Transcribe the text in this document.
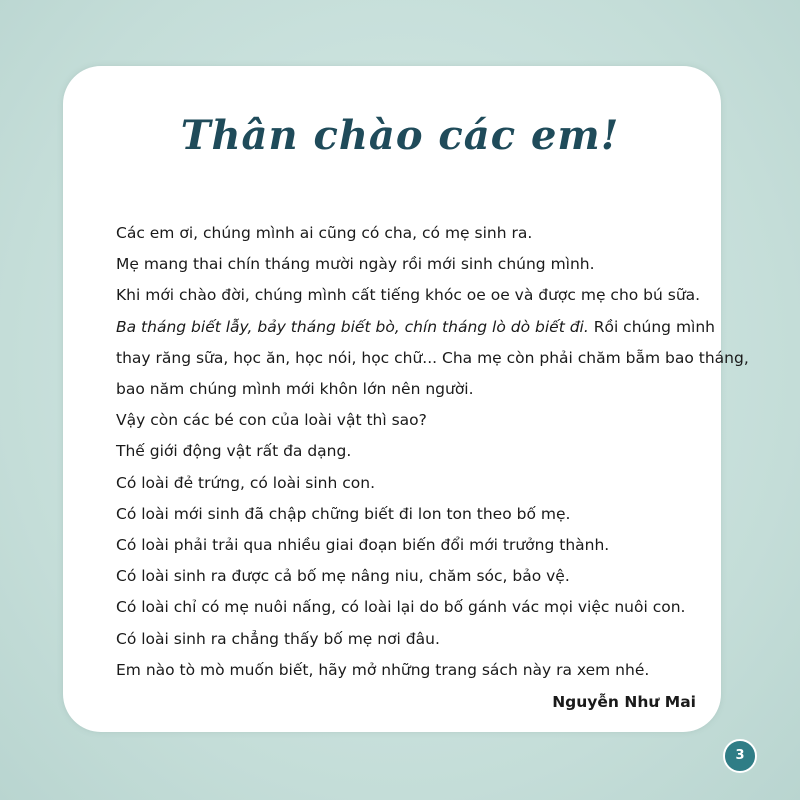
Thân chào các em!
Các em ơi, chúng mình ai cũng có cha, có mẹ sinh ra.
Mẹ mang thai chín tháng mười ngày rồi mới sinh chúng mình.
Khi mới chào đời, chúng mình cất tiếng khóc oe oe và được mẹ cho bú sữa.
Ba tháng biết lẫy, bảy tháng biết bò, chín tháng lò dò biết đi. Rồi chúng mình
thay răng sữa, học ăn, học nói, học chữ... Cha mẹ còn phải chăm bẵm bao tháng,
bao năm chúng mình mới khôn lớn nên người.
Vậy còn các bé con của loài vật thì sao?
Thế giới động vật rất đa dạng.
Có loài đẻ trứng, có loài sinh con.
Có loài mới sinh đã chập chững biết đi lon ton theo bố mẹ.
Có loài phải trải qua nhiều giai đoạn biến đổi mới trưởng thành.
Có loài sinh ra được cả bố mẹ nâng niu, chăm sóc, bảo vệ.
Có loài chỉ có mẹ nuôi nấng, có loài lại do bố gánh vác mọi việc nuôi con.
Có loài sinh ra chẳng thấy bố mẹ nơi đâu.
Em nào tò mò muốn biết, hãy mở những trang sách này ra xem nhé.

Nguyễn Như Mai

3
